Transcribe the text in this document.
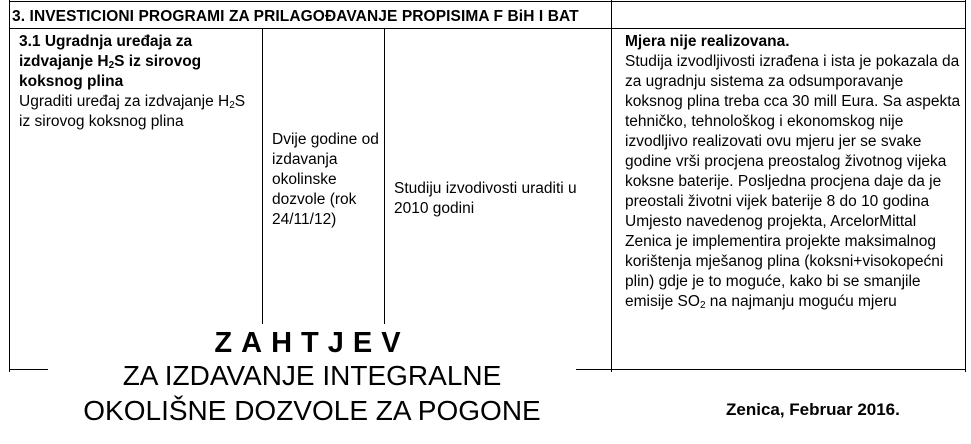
3. INVESTICIONI PROGRAMI ZA PRILAGOĐAVANJE PROPISIMA F BiH I BAT
3.1 Ugradnja uređaja za izdvajanje $H_2S$ iz sirovog koksnog plina
Ugraditi uređaj za izdvajanje $H_2S$ iz sirovog koksnog plina
Dvije godine od izdavanja okolinske dozvole (rok 24/11/12)
Studiju izvodivosti uraditi u 2010 godini
Mjera nije realizovana.
Studija izvodljivosti izrađena i ista je pokazala da za ugradnju sistema za odsumporavanje koksnog plina treba cca 30 mill Eura. Sa aspekta tehničko, tehnološkog i ekonomskog nije izvodljivo realizovati ovu mjeru jer se svake godine vrši procjena preostalog životnog vijeka koksne baterije. Posljedna procjena daje da je preostali životni vijek baterije 8 do 10 godina
Umjesto navedenog projekta, ArcelorMittal Zenica je implementira projekte maksimalnog korištenja mješanog plina (koksni+visokopećni plin) gdje je to moguće, kako bi se smanjile emisije $SO_2$ na najmanju moguću mjeru
ZAHTJEV
ZA IZDAVANJE INTEGRALNE
OKOLIŠNE DOZVOLE ZA POGONE	Zenica, Februar 2016.
